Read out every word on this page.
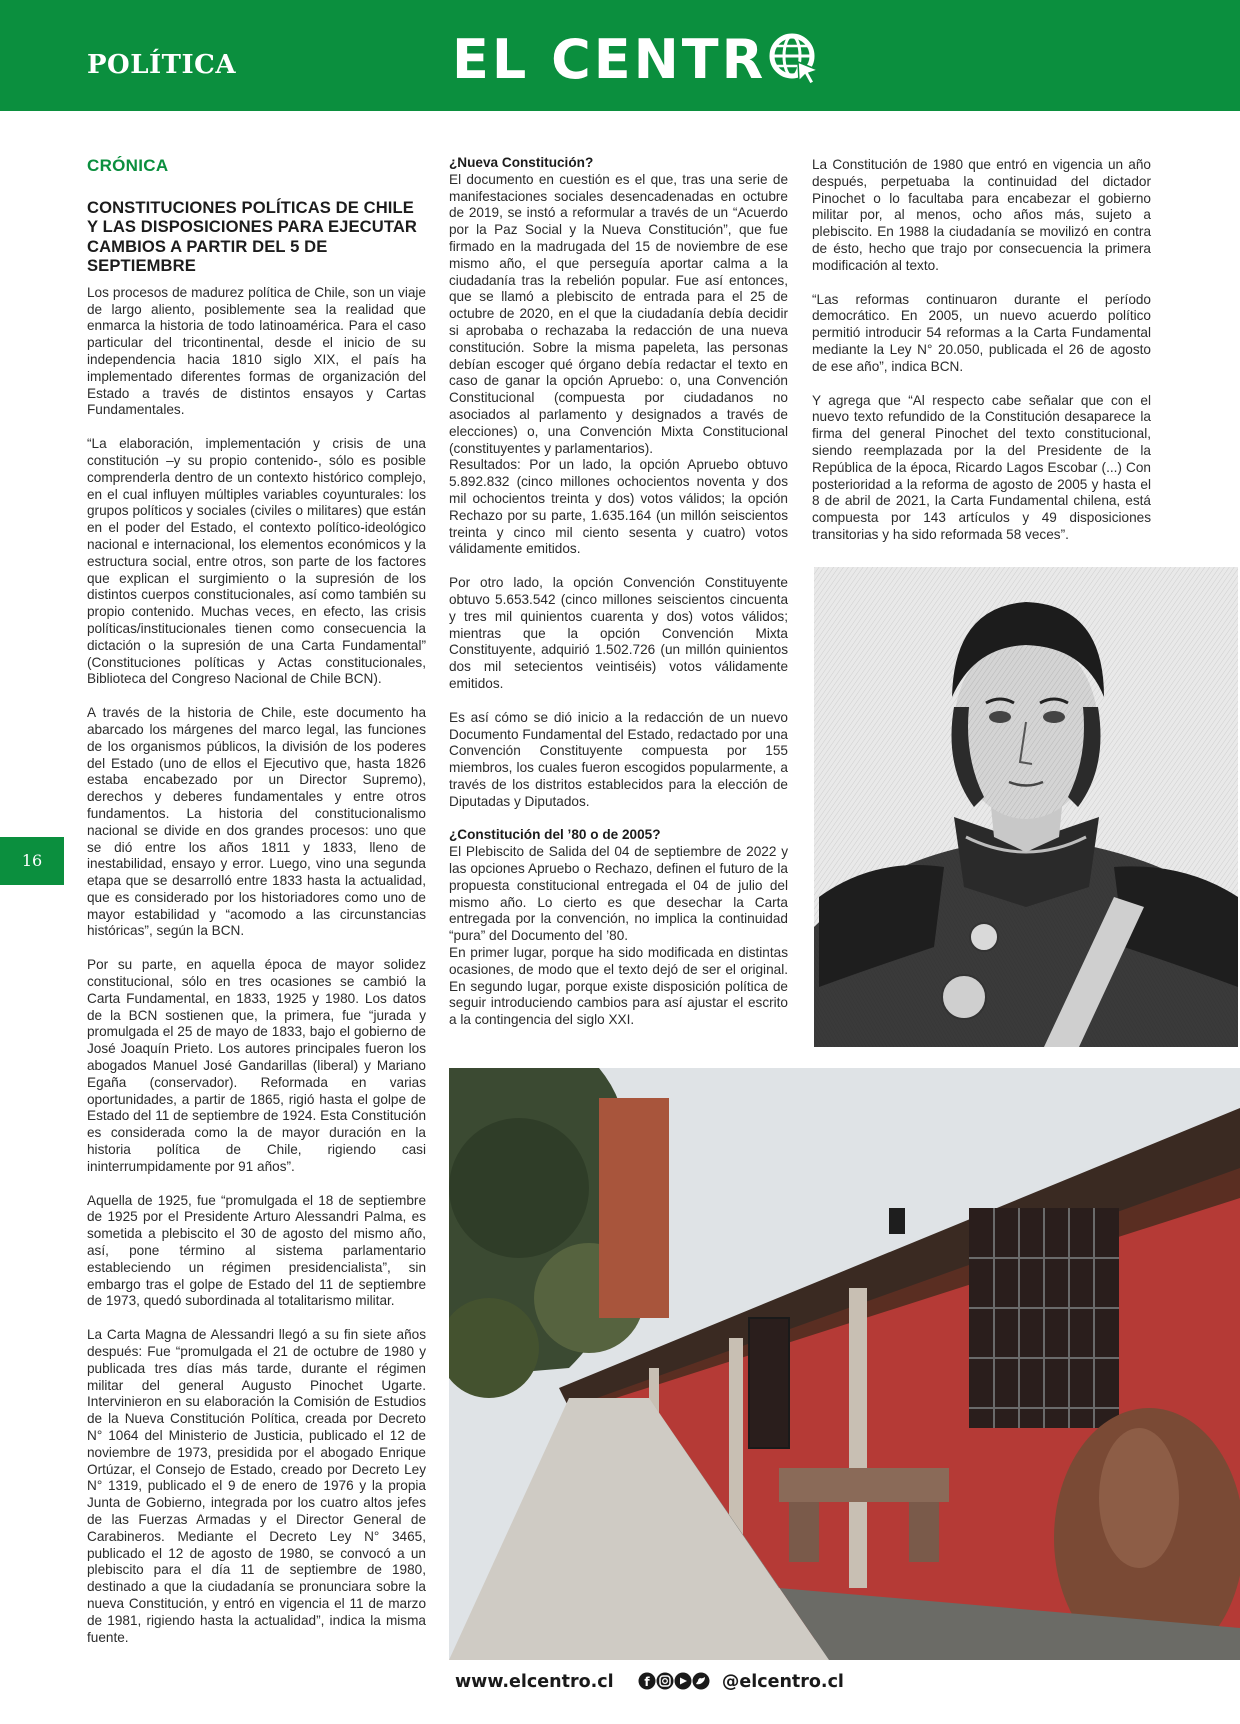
POLÍTICA	EL CENTR
16
CRÓNICA
CONSTITUCIONES POLÍTICAS DE CHILE Y LAS DISPOSICIONES PARA EJECUTAR CAMBIOS A PARTIR DEL 5 DE SEPTIEMBRE

Los procesos de madurez política de Chile, son un viaje de largo aliento, posiblemente sea la realidad que enmarca la historia de todo latinoamérica. Para el caso particular del tricontinental, desde el inicio de su independencia hacia 1810 siglo XIX, el país ha implementado diferentes formas de organización del Estado a través de distintos ensayos y Cartas Fundamentales.

“La elaboración, implementación y crisis de una constitución –y su propio contenido-, sólo es posible comprenderla dentro de un contexto histórico complejo, en el cual influyen múltiples variables coyunturales: los grupos políticos y sociales (civiles o militares) que están en el poder del Estado, el contexto político-ideológico nacional e internacional, los elementos económicos y la estructura social, entre otros, son parte de los factores que explican el surgimiento o la supresión de los distintos cuerpos constitucionales, así como también su propio contenido. Muchas veces, en efecto, las crisis políticas/institucionales tienen como consecuencia la dictación o la supresión de una Carta Fundamental” (Constituciones políticas y Actas constitucionales, Biblioteca del Congreso Nacional de Chile BCN).

A través de la historia de Chile, este documento ha abarcado los márgenes del marco legal, las funciones de los organismos públicos, la división de los poderes del Estado (uno de ellos el Ejecutivo que, hasta 1826 estaba encabezado por un Director Supremo), derechos y deberes fundamentales y entre otros fundamentos. La historia del constitucionalismo nacional se divide en dos grandes procesos: uno que se dió entre los años 1811 y 1833, lleno de inestabilidad, ensayo y error. Luego, vino una segunda etapa que se desarrolló entre 1833 hasta la actualidad, que es considerado por los historiadores como uno de mayor estabilidad y “acomodo a las circunstancias históricas”, según la BCN.

Por su parte, en aquella época de mayor solidez constitucional, sólo en tres ocasiones se cambió la Carta Fundamental, en 1833, 1925 y 1980. Los datos de la BCN sostienen que, la primera, fue “jurada y promulgada el 25 de mayo de 1833, bajo el gobierno de José Joaquín Prieto. Los autores principales fueron los abogados Manuel José Gandarillas (liberal) y Mariano Egaña (conservador). Reformada en varias oportunidades, a partir de 1865, rigió hasta el golpe de Estado del 11 de septiembre de 1924. Esta Constitución es considerada como la de mayor duración en la historia política de Chile, rigiendo casi ininterrumpidamente por 91 años”.

Aquella de 1925, fue “promulgada el 18 de septiembre de 1925 por el Presidente Arturo Alessandri Palma, es sometida a plebiscito el 30 de agosto del mismo año, así, pone término al sistema parlamentario estableciendo un régimen presidencialista”, sin embargo tras el golpe de Estado del 11 de septiembre de 1973, quedó subordinada al totalitarismo militar.

La Carta Magna de Alessandri llegó a su fin siete años después: Fue “promulgada el 21 de octubre de 1980 y publicada tres días más tarde, durante el régimen militar del general Augusto Pinochet Ugarte. Intervinieron en su elaboración la Comisión de Estudios de la Nueva Constitución Política, creada por Decreto N° 1064 del Ministerio de Justicia, publicado el 12 de noviembre de 1973, presidida por el abogado Enrique Ortúzar, el Consejo de Estado, creado por Decreto Ley N° 1319, publicado el 9 de enero de 1976 y la propia Junta de Gobierno, integrada por los cuatro altos jefes de las Fuerzas Armadas y el Director General de Carabineros. Mediante el Decreto Ley N° 3465, publicado el 12 de agosto de 1980, se convocó a un plebiscito para el día 11 de septiembre de 1980, destinado a que la ciudadanía se pronunciara sobre la nueva Constitución, y entró en vigencia el 11 de marzo de 1981, rigiendo hasta la actualidad”, indica la misma fuente.

¿Nueva Constitución?

El documento en cuestión es el que, tras una serie de manifestaciones sociales desencadenadas en octubre de 2019, se instó a reformular a través de un “Acuerdo por la Paz Social y la Nueva Constitución”, que fue firmado en la madrugada del 15 de noviembre de ese mismo año, el que perseguía aportar calma a la ciudadanía tras la rebelión popular. Fue así entonces, que se llamó a plebiscito de entrada para el 25 de octubre de 2020, en el que la ciudadanía debía decidir si aprobaba o rechazaba la redacción de una nueva constitución. Sobre la misma papeleta, las personas debían escoger qué órgano debía redactar el texto en caso de ganar la opción Apruebo: o, una Convención Constitucional (compuesta por ciudadanos no asociados al parlamento y designados a través de elecciones) o, una Convención Mixta Constitucional (constituyentes y parlamentarios).

Resultados: Por un lado, la opción Apruebo obtuvo 5.892.832 (cinco millones ochocientos noventa y dos mil ochocientos treinta y dos) votos válidos; la opción Rechazo por su parte, 1.635.164 (un millón seiscientos treinta y cinco mil ciento sesenta y cuatro) votos válidamente emitidos.

Por otro lado, la opción Convención Constituyente obtuvo 5.653.542 (cinco millones seiscientos cincuenta y tres mil quinientos cuarenta y dos) votos válidos; mientras que la opción Convención Mixta Constituyente, adquirió 1.502.726 (un millón quinientos dos mil setecientos veintiséis) votos válidamente emitidos.

Es así cómo se dió inicio a la redacción de un nuevo Documento Fundamental del Estado, redactado por una Convención Constituyente compuesta por 155 miembros, los cuales fueron escogidos popularmente, a través de los distritos establecidos para la elección de Diputadas y Diputados.

¿Constitución del ’80 o de 2005?

El Plebiscito de Salida del 04 de septiembre de 2022 y las opciones Apruebo o Rechazo, definen el futuro de la propuesta constitucional entregada el 04 de julio del mismo año. Lo cierto es que desechar la Carta entregada por la convención, no implica la continuidad “pura” del Documento del ’80.

En primer lugar, porque ha sido modificada en distintas ocasiones, de modo que el texto dejó de ser el original. En segundo lugar, porque existe disposición política de seguir introduciendo cambios para así ajustar el escrito a la contingencia del siglo XXI.

La Constitución de 1980 que entró en vigencia un año después, perpetuaba la continuidad del dictador Pinochet o lo facultaba para encabezar el gobierno militar por, al menos, ocho años más, sujeto a plebiscito. En 1988 la ciudadanía se movilizó en contra de ésto, hecho que trajo por consecuencia la primera modificación al texto.

“Las reformas continuaron durante el período democrático. En 2005, un nuevo acuerdo político permitió introducir 54 reformas a la Carta Fundamental mediante la Ley N° 20.050, publicada el 26 de agosto de ese año”, indica BCN.

Y agrega que “Al respecto cabe señalar que con el nuevo texto refundido de la Constitución desaparece la firma del general Pinochet del texto constitucional, siendo reemplazada por la del Presidente de la República de la época, Ricardo Lagos Escobar (...) Con posterioridad a la reforma de agosto de 2005 y hasta el 8 de abril de 2021, la Carta Fundamental chilena, está compuesta por 143 artículos y 49 disposiciones transitorias y ha sido reformada 58 veces”.

www.elcentro.cl	f	@elcentro.cl
